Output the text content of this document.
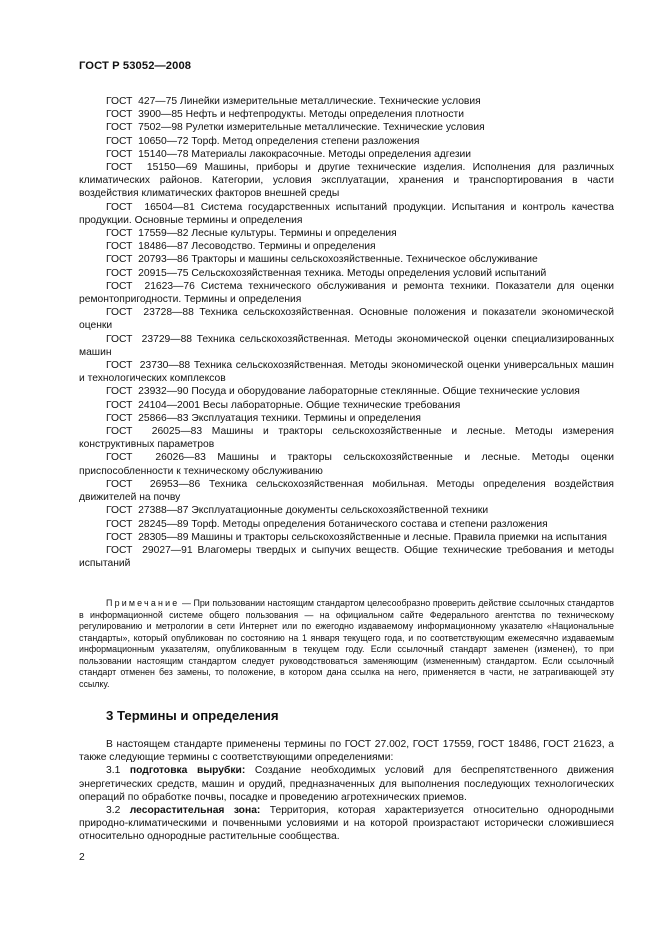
ГОСТ Р 53052—2008
ГОСТ  427—75 Линейки измерительные металлические. Технические условия
ГОСТ  3900—85 Нефть и нефтепродукты. Методы определения плотности
ГОСТ  7502—98 Рулетки измерительные металлические. Технические условия
ГОСТ  10650—72 Торф. Метод определения степени разложения
ГОСТ  15140—78 Материалы лакокрасочные. Методы определения адгезии
ГОСТ  15150—69 Машины, приборы и другие технические изделия. Исполнения для различных климатических районов. Категории, условия эксплуатации, хранения и транспортирования в части воздействия климатических факторов внешней среды
ГОСТ  16504—81 Система государственных испытаний продукции. Испытания и контроль качества продукции. Основные термины и определения
ГОСТ  17559—82 Лесные культуры. Термины и определения
ГОСТ  18486—87 Лесоводство. Термины и определения
ГОСТ  20793—86 Тракторы и машины сельскохозяйственные. Техническое обслуживание
ГОСТ  20915—75 Сельскохозяйственная техника. Методы определения условий испытаний
ГОСТ  21623—76 Система технического обслуживания и ремонта техники. Показатели для оценки ремонтопригодности. Термины и определения
ГОСТ  23728—88 Техника сельскохозяйственная. Основные положения и показатели экономической оценки
ГОСТ  23729—88 Техника сельскохозяйственная. Методы экономической оценки специализированных машин
ГОСТ  23730—88 Техника сельскохозяйственная. Методы экономической оценки универсальных машин и технологических комплексов
ГОСТ  23932—90 Посуда и оборудование лабораторные стеклянные. Общие технические условия
ГОСТ  24104—2001 Весы лабораторные. Общие технические требования
ГОСТ  25866—83 Эксплуатация техники. Термины и определения
ГОСТ  26025—83 Машины и тракторы сельскохозяйственные и лесные. Методы измерения конструктивных параметров
ГОСТ  26026—83 Машины и тракторы сельскохозяйственные и лесные. Методы оценки приспособленности к техническому обслуживанию
ГОСТ  26953—86 Техника сельскохозяйственная мобильная. Методы определения воздействия движителей на почву
ГОСТ  27388—87 Эксплуатационные документы сельскохозяйственной техники
ГОСТ  28245—89 Торф. Методы определения ботанического состава и степени разложения
ГОСТ  28305—89 Машины и тракторы сельскохозяйственные и лесные. Правила приемки на испытания
ГОСТ  29027—91 Влагомеры твердых и сыпучих веществ. Общие технические требования и методы испытаний
Примечание — При пользовании настоящим стандартом целесообразно проверить действие ссылочных стандартов в информационной системе общего пользования — на официальном сайте Федерального агентства по техническому регулированию и метрологии в сети Интернет или по ежегодно издаваемому информационному указателю «Национальные стандарты», который опубликован по состоянию на 1 января текущего года, и по соответствующим ежемесячно издаваемым информационным указателям, опубликованным в текущем году. Если ссылочный стандарт заменен (изменен), то при пользовании настоящим стандартом следует руководствоваться заменяющим (измененным) стандартом. Если ссылочный стандарт отменен без замены, то положение, в котором дана ссылка на него, применяется в части, не затрагивающей эту ссылку.
3 Термины и определения

В настоящем стандарте применены термины по ГОСТ 27.002, ГОСТ 17559, ГОСТ 18486, ГОСТ 21623, а также следующие термины с соответствующими определениями:

3.1 подготовка вырубки: Создание необходимых условий для беспрепятственного движения энергетических средств, машин и орудий, предназначенных для выполнения последующих технологических операций по обработке почвы, посадке и проведению агротехнических приемов.

3.2 лесорастительная зона: Территория, которая характеризуется относительно однородными природно-климатическими и почвенными условиями и на которой произрастают исторически сложившиеся относительно однородные растительные сообщества.

2
